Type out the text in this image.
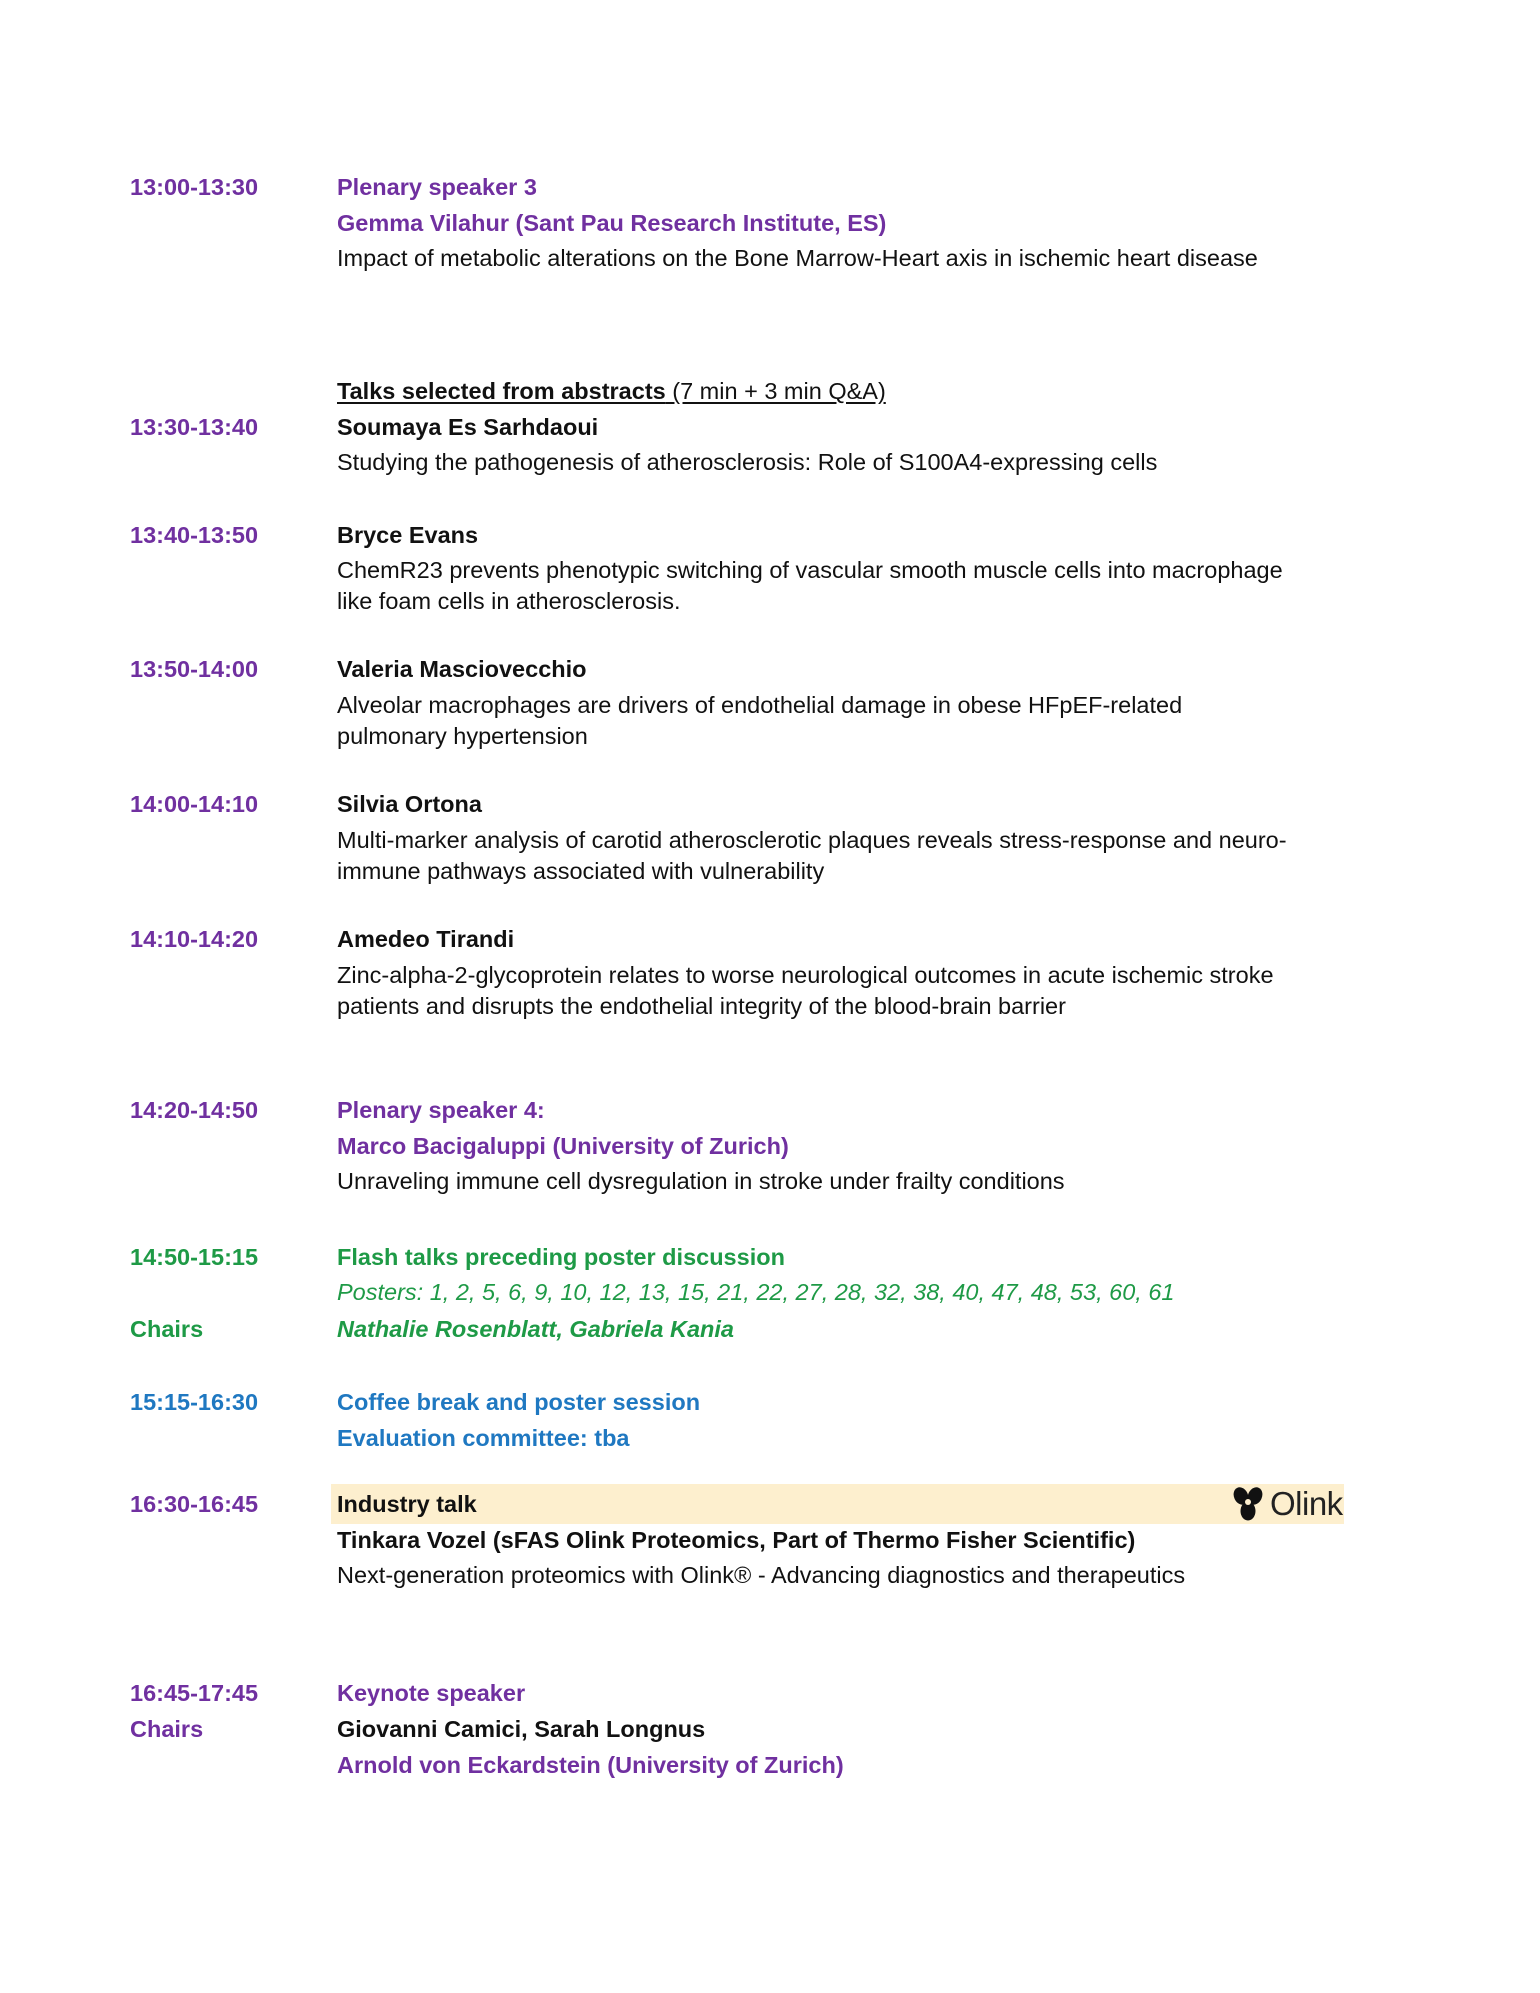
13:00-13:30	Plenary speaker 3
Gemma Vilahur (Sant Pau Research Institute, ES)
Impact of metabolic alterations on the Bone Marrow-Heart axis in ischemic heart disease
Talks selected from abstracts (7 min + 3 min Q&A)
13:30-13:40	Soumaya Es Sarhdaoui
Studying the pathogenesis of atherosclerosis: Role of S100A4-expressing cells
13:40-13:50	Bryce Evans
ChemR23 prevents phenotypic switching of vascular smooth muscle cells into macrophage
like foam cells in atherosclerosis.
13:50-14:00	Valeria Masciovecchio
Alveolar macrophages are drivers of endothelial damage in obese HFpEF-related
pulmonary hypertension
14:00-14:10	Silvia Ortona
Multi-marker analysis of carotid atherosclerotic plaques reveals stress-response and neuro-
immune pathways associated with vulnerability
14:10-14:20	Amedeo Tirandi
Zinc-alpha-2-glycoprotein relates to worse neurological outcomes in acute ischemic stroke
patients and disrupts the endothelial integrity of the blood-brain barrier
14:20-14:50	Plenary speaker 4:
Marco Bacigaluppi (University of Zurich)
Unraveling immune cell dysregulation in stroke under frailty conditions
14:50-15:15	Flash talks preceding poster discussion
Posters: 1, 2, 5, 6, 9, 10, 12, 13, 15, 21, 22, 27, 28, 32, 38, 40, 47, 48, 53, 60, 61
Chairs	Nathalie Rosenblatt, Gabriela Kania
15:15-16:30	Coffee break and poster session
Evaluation committee: tba
16:30-16:45	Industry talk	Olink
Tinkara Vozel (sFAS Olink Proteomics, Part of Thermo Fisher Scientific)
Next-generation proteomics with Olink® - Advancing diagnostics and therapeutics
16:45-17:45	Keynote speaker
Chairs	Giovanni Camici, Sarah Longnus
Arnold von Eckardstein (University of Zurich)
